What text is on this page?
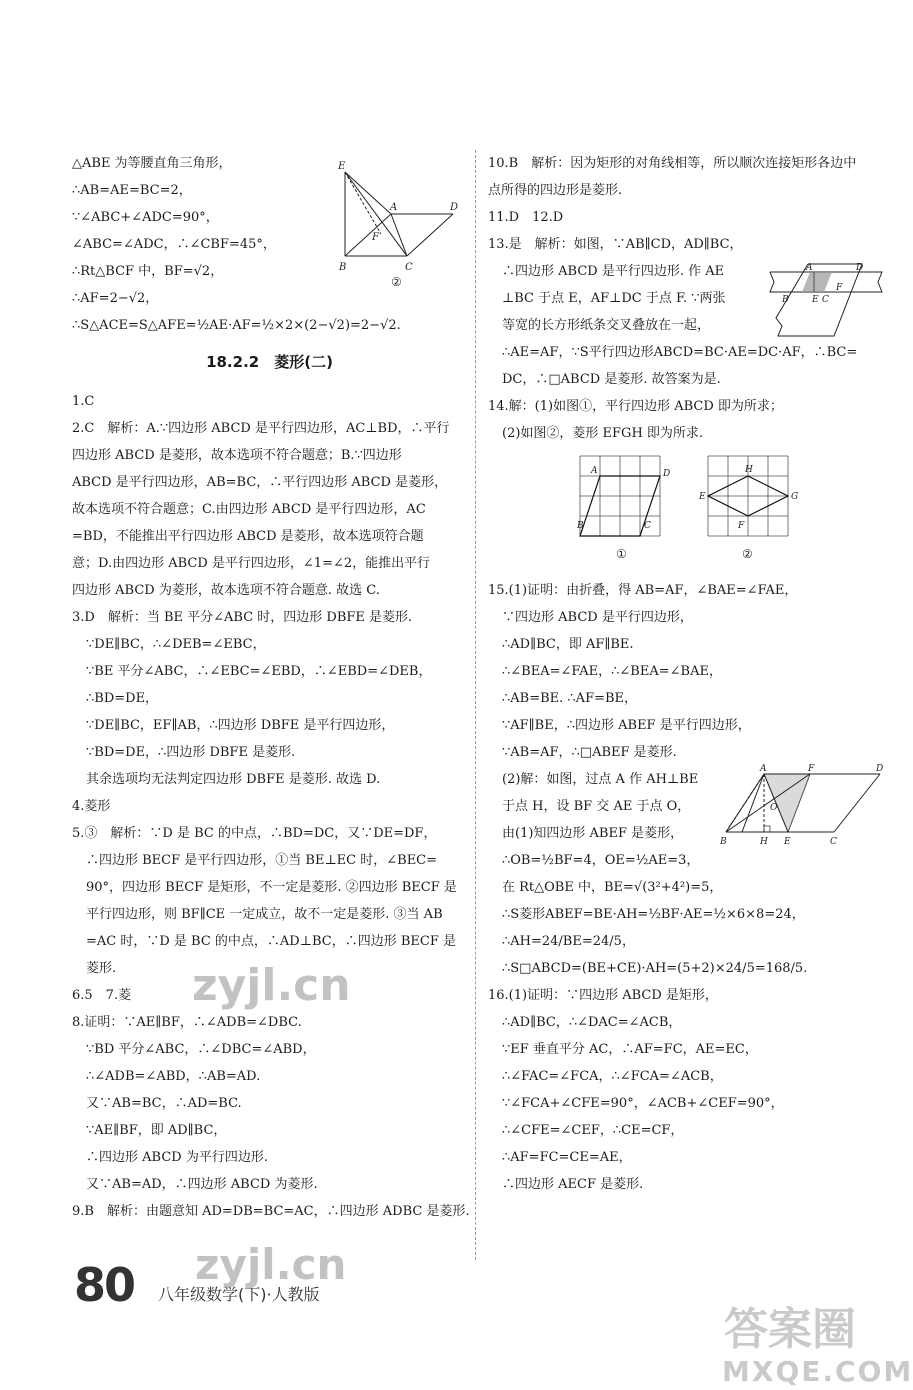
△ABE 为等腰直角三角形，
∴AB=AE=BC=2，
∵∠ABC+∠ADC=90°，
∠ABC=∠ADC，∴∠CBF=45°，
∴Rt△BCF 中，BF=√2，
∴AF=2−√2，
∴S△ACE=S△AFE=½AE·AF=½×2×(2−√2)=2−√2.
18.2.2　菱形(二)
1.C
2.C　解析：A.∵四边形 ABCD 是平行四边形，AC⊥BD，∴平行
四边形 ABCD 是菱形，故本选项不符合题意；B.∵四边形
ABCD 是平行四边形，AB=BC，∴平行四边形 ABCD 是菱形，
故本选项不符合题意；C.由四边形 ABCD 是平行四边形，AC
=BD，不能推出平行四边形 ABCD 是菱形，故本选项符合题
意；D.由四边形 ABCD 是平行四边形，∠1=∠2，能推出平行
四边形 ABCD 为菱形，故本选项不符合题意. 故选 C.
3.D　解析：当 BE 平分∠ABC 时，四边形 DBFE 是菱形.
∵DE∥BC，∴∠DEB=∠EBC，
∵BE 平分∠ABC，∴∠EBC=∠EBD，∴∠EBD=∠DEB，
∴BD=DE，
∵DE∥BC，EF∥AB，∴四边形 DBFE 是平行四边形，
∵BD=DE，∴四边形 DBFE 是菱形.
其余选项均无法判定四边形 DBFE 是菱形. 故选 D.
4.菱形
5.③　解析：∵D 是 BC 的中点，∴BD=DC，又∵DE=DF，
∴四边形 BECF 是平行四边形，①当 BE⊥EC 时，∠BEC=
90°，四边形 BECF 是矩形，不一定是菱形. ②四边形 BECF 是
平行四边形，则 BF∥CE 一定成立，故不一定是菱形. ③当 AB
=AC 时，∵D 是 BC 的中点，∴AD⊥BC，∴四边形 BECF 是
菱形.
6.5　7.菱
8.证明：∵AE∥BF，∴∠ADB=∠DBC.
∵BD 平分∠ABC，∴∠DBC=∠ABD，
∴∠ADB=∠ABD，∴AB=AD.
又∵AB=BC，∴AD=BC.
∵AE∥BF，即 AD∥BC，
∴四边形 ABCD 为平行四边形.
又∵AB=AD，∴四边形 ABCD 为菱形.
9.B　解析：由题意知 AD=DB=BC=AC，∴四边形 ADBC 是菱形.
E
A	D
F
B	C
②
10.B　解析：因为矩形的对角线相等，所以顺次连接矩形各边中
点所得的四边形是菱形.
11.D　12.D
13.是　解析：如图，∵AB∥CD，AD∥BC，
∴四边形 ABCD 是平行四边形. 作 AE
⊥BC 于点 E，AF⊥DC 于点 F. ∵两张
等宽的长方形纸条交叉叠放在一起，
∴AE=AF，∵S平行四边形ABCD=BC·AE=DC·AF，∴BC=
DC，∴□ABCD 是菱形. 故答案为是.
14.解：(1)如图①，平行四边形 ABCD 即为所求；
(2)如图②，菱形 EFGH 即为所求.
15.(1)证明：由折叠，得 AB=AF，∠BAE=∠FAE，
∵四边形 ABCD 是平行四边形，
∴AD∥BC，即 AF∥BE.
∴∠BEA=∠FAE，∴∠BEA=∠BAE，
∴AB=BE. ∴AF=BE，
∵AF∥BE，∴四边形 ABEF 是平行四边形，
∵AB=AF，∴□ABEF 是菱形.
(2)解：如图，过点 A 作 AH⊥BE
于点 H，设 BF 交 AE 于点 O，
由(1)知四边形 ABEF 是菱形，
∴OB=½BF=4，OE=½AE=3，
在 Rt△OBE 中，BE=√(3²+4²)=5，
∴S菱形ABEF=BE·AH=½BF·AE=½×6×8=24，
∴AH=24/BE=24/5，
∴S□ABCD=(BE+CE)·AH=(5+2)×24/5=168/5.
16.(1)证明：∵四边形 ABCD 是矩形，
∴AD∥BC，∴∠DAC=∠ACB，
∵EF 垂直平分 AC，∴AF=FC，AE=EC，
∴∠FAC=∠FCA，∴∠FCA=∠ACB，
∵∠FCA+∠CFE=90°，∠ACB+∠CEF=90°，
∴∠CFE=∠CEF，∴CE=CF，
∴AF=FC=CE=AE，
∴四边形 AECF 是菱形.
A	D
B	E C
F
A	D
B	C
①
H
E	G
F
②
A	F	D
O
B	H E	C
zyjl.cn
zyjl.cn
答案圈
MXQE.COM
80 八年级数学(下)·人教版
